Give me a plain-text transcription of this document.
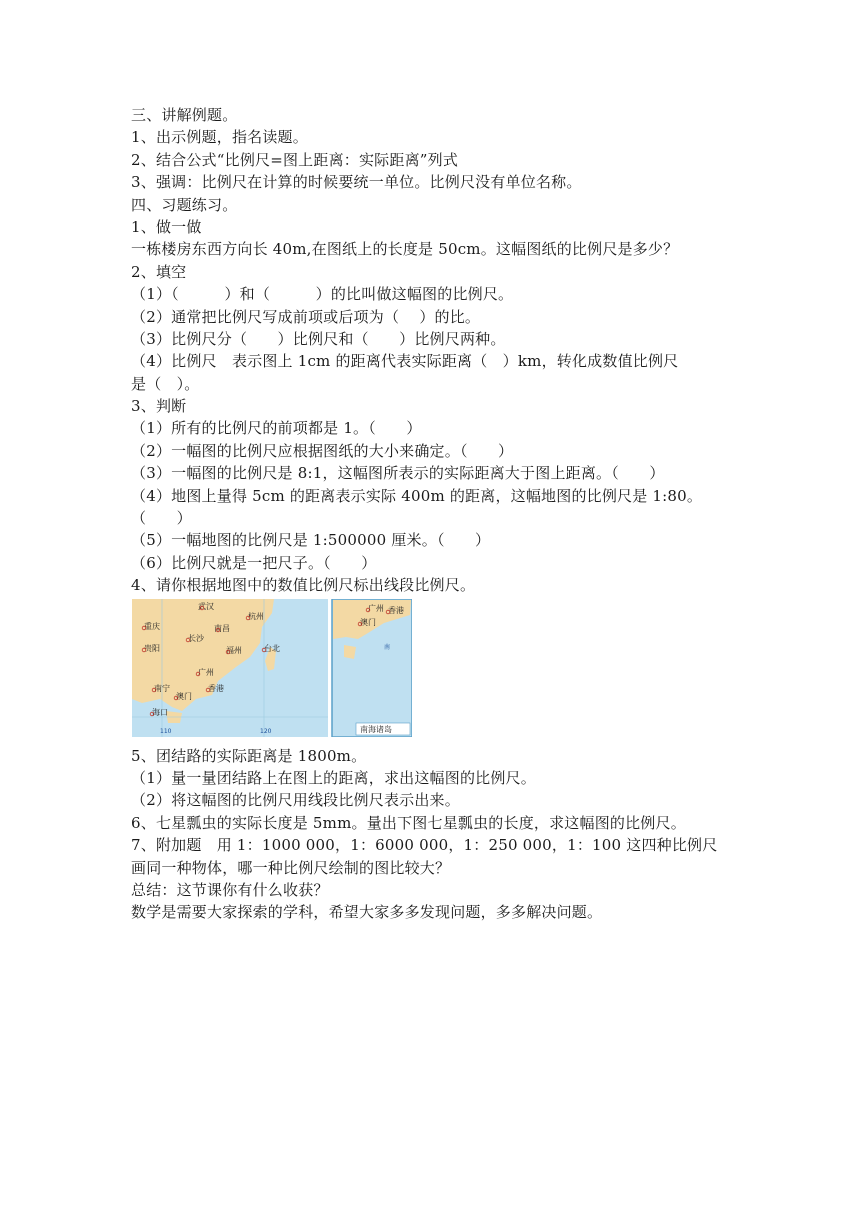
三、讲解例题。
1、出示例题，指名读题。
2、结合公式“比例尺=图上距离：实际距离”列式
3、强调：比例尺在计算的时候要统一单位。比例尺没有单位名称。
四、习题练习。
1、做一做
一栋楼房东西方向长 40m,在图纸上的长度是 50cm。这幅图纸的比例尺是多少？
2、填空
（1）（　　　）和（　　　）的比叫做这幅图的比例尺。
（2）通常把比例尺写成前项或后项为（　 ）的比。
（3）比例尺分（　　）比例尺和（　　）比例尺两种。
（4）比例尺　表示图上 1cm 的距离代表实际距离（　）km，转化成数值比例尺
是（　）。
3、判断
（1）所有的比例尺的前项都是 1。（　　）
（2）一幅图的比例尺应根据图纸的大小来确定。（　　）
（3）一幅图的比例尺是 8:1，这幅图所表示的实际距离大于图上距离。（　　）
（4）地图上量得 5cm 的距离表示实际 400m 的距离，这幅地图的比例尺是 1:80。
（　　）
（5）一幅地图的比例尺是 1:500000 厘米。（　　）
（6）比例尺就是一把尺子。（　　）
4、请你根据地图中的数值比例尺标出线段比例尺。
武汉
杭州
重庆	南昌
长沙
贵阳	福州	台北
广州
南宁	香港
澳门
海口
110	120
广州 香港
澳门
南
南海诸岛
5、团结路的实际距离是 1800m。
（1）量一量团结路上在图上的距离，求出这幅图的比例尺。
（2）将这幅图的比例尺用线段比例尺表示出来。
6、七星瓢虫的实际长度是 5mm。量出下图七星瓢虫的长度，求这幅图的比例尺。
7、附加题　用 1：1000 000，1：6000 000，1：250 000，1：100 这四种比例尺
画同一种物体，哪一种比例尺绘制的图比较大？
总结：这节课你有什么收获？
数学是需要大家探索的学科，希望大家多多发现问题，多多解决问题。
